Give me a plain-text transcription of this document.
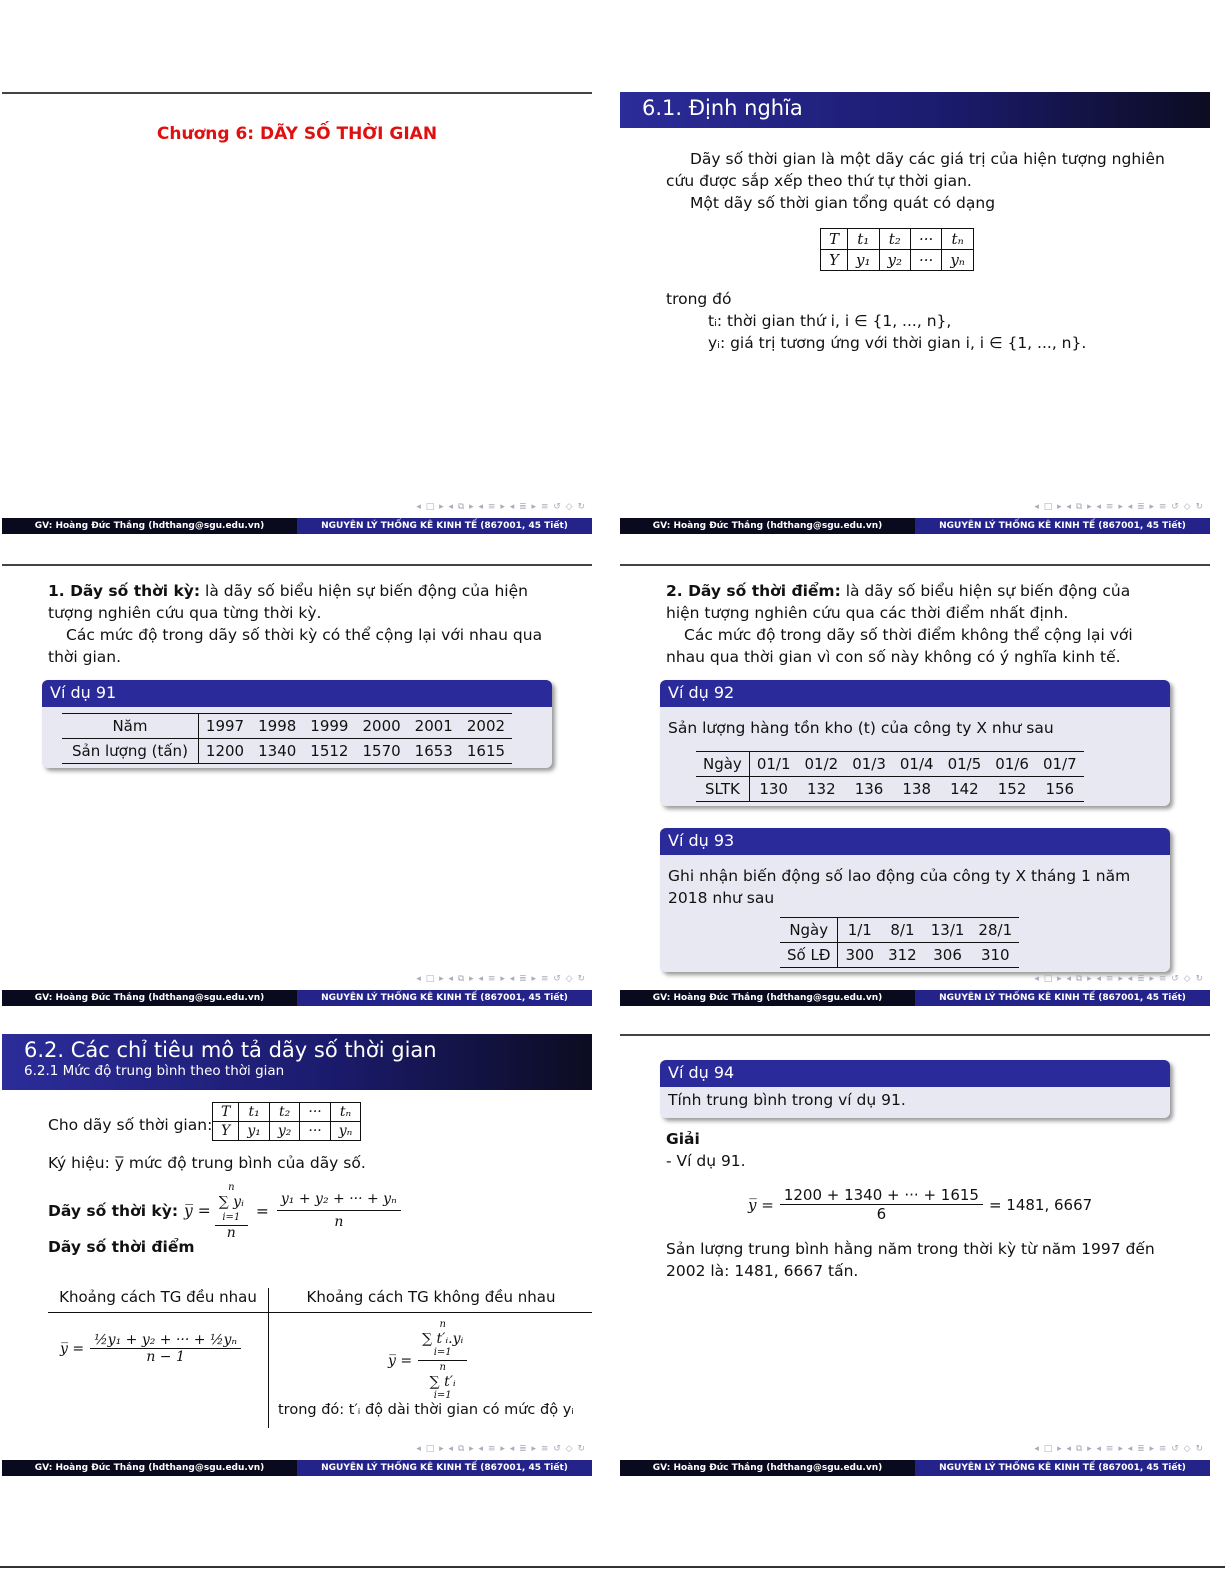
Chương 6: DÃY SỐ THỜI GIAN
◂ □ ▸ ◂ ⧉ ▸ ◂ ≡ ▸ ◂ ≣ ▸ ≡ ↺ ◇ ↻
GV: Hoàng Đức Thắng (hdthang@sgu.edu.vn)	NGUYÊN LÝ THỐNG KÊ KINH TẾ (867001, 45 Tiết)
6.1. Định nghĩa
Dãy số thời gian là một dãy các giá trị của hiện tượng nghiên cứu được sắp xếp theo thứ tự thời gian.
Một dãy số thời gian tổng quát có dạng
T	t₁	t₂	···	tₙ
Y	y₁	y₂	···	yₙ
trong đó
tᵢ: thời gian thứ i, i ∈ {1, ..., n},
yᵢ: giá trị tương ứng với thời gian i, i ∈ {1, ..., n}.
◂ □ ▸ ◂ ⧉ ▸ ◂ ≡ ▸ ◂ ≣ ▸ ≡ ↺ ◇ ↻
GV: Hoàng Đức Thắng (hdthang@sgu.edu.vn)	NGUYÊN LÝ THỐNG KÊ KINH TẾ (867001, 45 Tiết)
1. Dãy số thời kỳ: là dãy số biểu hiện sự biến động của hiện tượng nghiên cứu qua từng thời kỳ.
Các mức độ trong dãy số thời kỳ có thể cộng lại với nhau qua thời gian.
Ví dụ 91
Năm	1997	1998	1999	2000	2001	2002
Sản lượng (tấn)	1200	1340	1512	1570	1653	1615
◂ □ ▸ ◂ ⧉ ▸ ◂ ≡ ▸ ◂ ≣ ▸ ≡ ↺ ◇ ↻
GV: Hoàng Đức Thắng (hdthang@sgu.edu.vn)	NGUYÊN LÝ THỐNG KÊ KINH TẾ (867001, 45 Tiết)
2. Dãy số thời điểm: là dãy số biểu hiện sự biến động của hiện tượng nghiên cứu qua các thời điểm nhất định.
Các mức độ trong dãy số thời điểm không thể cộng lại với nhau qua thời gian vì con số này không có ý nghĩa kinh tế.
Ví dụ 92
Sản lượng hàng tồn kho (t) của công ty X như sau
Ngày	01/1	01/2	01/3	01/4	01/5	01/6	01/7
SLTK	130	132	136	138	142	152	156
Ví dụ 93
Ghi nhận biến động số lao động của công ty X tháng 1 năm 2018 như sau
Ngày	1/1	8/1	13/1	28/1
Số LĐ	300	312	306	310
◂ □ ▸ ◂ ⧉ ▸ ◂ ≡ ▸ ◂ ≣ ▸ ≡ ↺ ◇ ↻
GV: Hoàng Đức Thắng (hdthang@sgu.edu.vn)	NGUYÊN LÝ THỐNG KÊ KINH TẾ (867001, 45 Tiết)
6.2. Các chỉ tiêu mô tả dãy số thời gian
6.2.1 Mức độ trung bình theo thời gian
Cho dãy số thời gian:
T	t₁	t₂	···	tₙ
Y	y₁	y₂	···	yₙ
Ký hiệu: y̅ mức độ trung bình của dãy số.
Dãy số thời kỳ: y̅ = n
∑ yᵢ
i=1
$n = \frac{\text{y₁ + y₂ + ··· + yₙ}}{n}$
Dãy số thời điểm
Khoảng cách TG đều nhau	Khoảng cách TG không đều nhau
y̅ = $\frac{\text{½y₁ + y₂ + ··· + ½yₙ}}{n - 1}$	y̅ = n
∑ t′ᵢ.yᵢ
i=1
n
∑ t′ᵢ
i=1
trong đó: t′ᵢ độ dài thời gian có mức độ yᵢ
◂ □ ▸ ◂ ⧉ ▸ ◂ ≡ ▸ ◂ ≣ ▸ ≡ ↺ ◇ ↻
GV: Hoàng Đức Thắng (hdthang@sgu.edu.vn)	NGUYÊN LÝ THỐNG KÊ KINH TẾ (867001, 45 Tiết)
Ví dụ 94
Tính trung bình trong ví dụ 91.
Giải
- Ví dụ 91.
y̅ = $\frac{1200 + 1340 + \cdot\cdot\cdot + 1615}{6} = 1481$, 6667
Sản lượng trung bình hằng năm trong thời kỳ từ năm 1997 đến 2002 là: 1481, 6667 tấn.
◂ □ ▸ ◂ ⧉ ▸ ◂ ≡ ▸ ◂ ≣ ▸ ≡ ↺ ◇ ↻
GV: Hoàng Đức Thắng (hdthang@sgu.edu.vn)	NGUYÊN LÝ THỐNG KÊ KINH TẾ (867001, 45 Tiết)
